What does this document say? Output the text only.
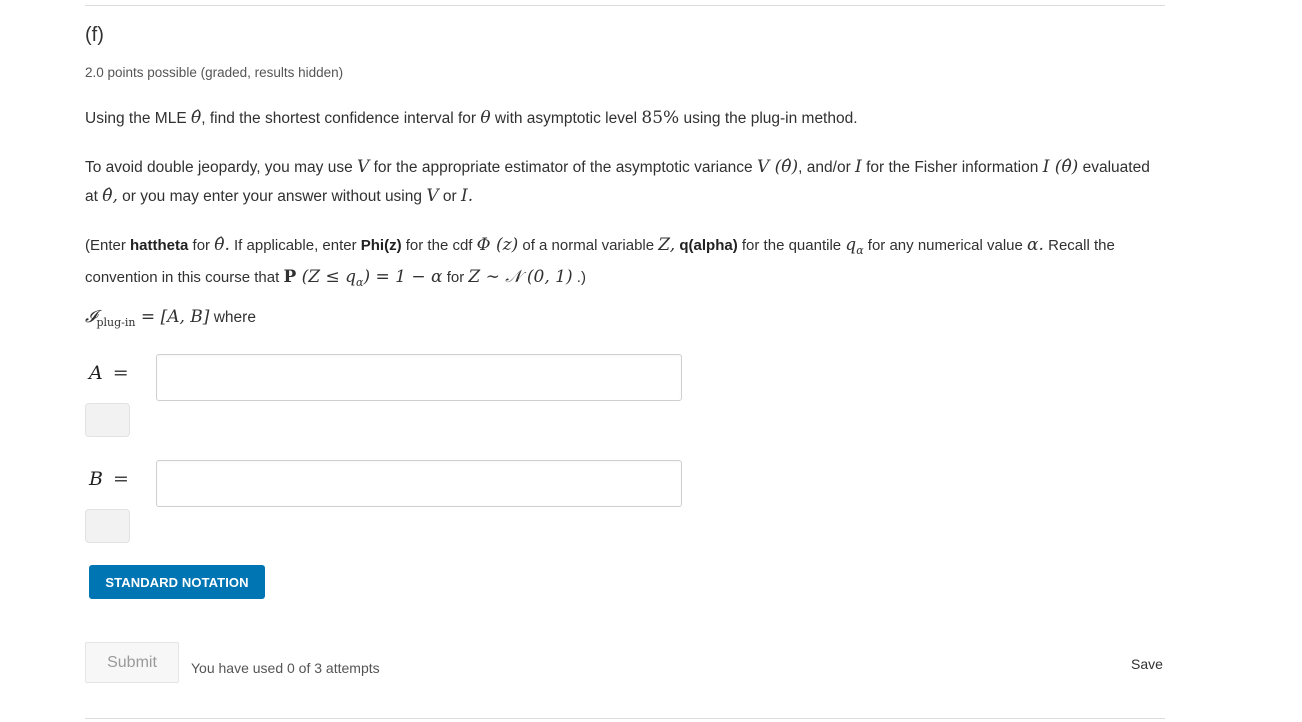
(f)
2.0 points possible (graded, results hidden)
Using the MLE θ̂, find the shortest confidence interval for θ with asymptotic level 85% using the plug-in method.
To avoid double jeopardy, you may use V for the appropriate estimator of the asymptotic variance V (θ̂), and/or I for the Fisher information I (θ̂) evaluated at θ̂, or you may enter your answer without using V or I.
(Enter hattheta for θ̂. If applicable, enter Phi(z) for the cdf Φ (z) of a normal variable Z, q(alpha) for the quantile $q_\alpha$ for any numerical value α. Recall the convention in this course that P $(Z \le q_\alpha) = 1 - \alpha$ for Z ∼ 𝒩 (0, 1) .)
𝓘$_{plug-in}$ = [A, B] where
A =
B =
STANDARD NOTATION
Submit	You have used 0 of 3 attempts	Save
